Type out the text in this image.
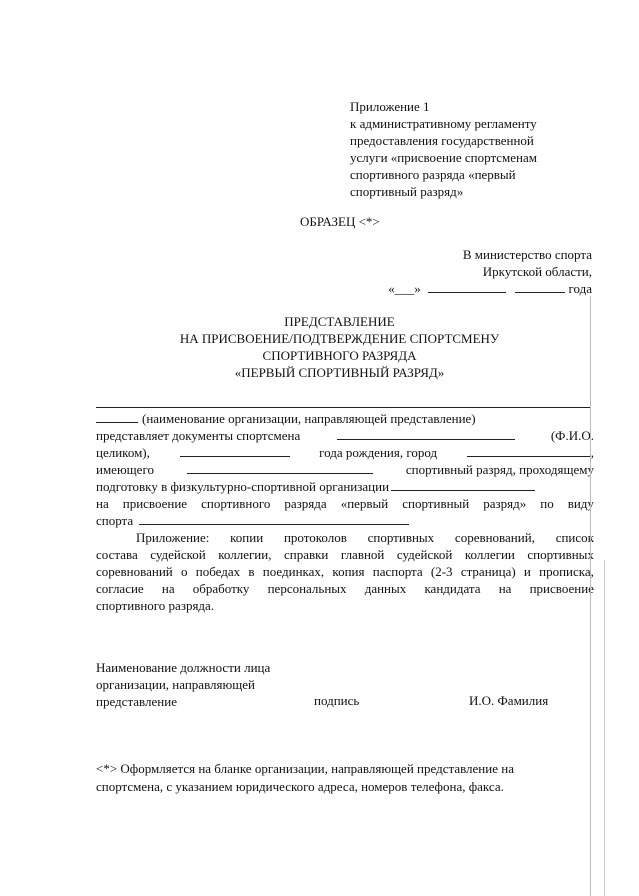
Приложение 1
к административному регламенту
предоставления государственной
услуги «присвоение спортсменам
спортивного разряда «первый
спортивный разряд»
ОБРАЗЕЦ <*>
В министерство спорта
Иркутской области,
«___»	года
ПРЕДСТАВЛЕНИЕ
НА ПРИСВОЕНИЕ/ПОДТВЕРЖДЕНИЕ СПОРТСМЕНУ
СПОРТИВНОГО РАЗРЯДА
«ПЕРВЫЙ СПОРТИВНЫЙ РАЗРЯД»
(наименование организации, направляющей представление)
представляет документы спортсмена	(Ф.И.О.
целиком),	года рождения, город	,
имеющего	спортивный разряд, проходящему
подготовку в физкультурно-спортивной организации
на присвоение спортивного разряда «первый спортивный разряд» по виду
спорта
Приложение: копии протоколов спортивных соревнований, список
состава судейской коллегии, справки главной судейской коллегии спортивных
соревнований о победах в поединках, копия паспорта (2-3 страница) и прописка,
согласие на обработку персональных данных кандидата на присвоение
спортивного разряда.
Наименование должности лица
организации, направляющей
представление	подпись	И.О. Фамилия
<*> Оформляется на бланке организации, направляющей представление на
спортсмена, с указанием юридического адреса, номеров телефона, факса.
